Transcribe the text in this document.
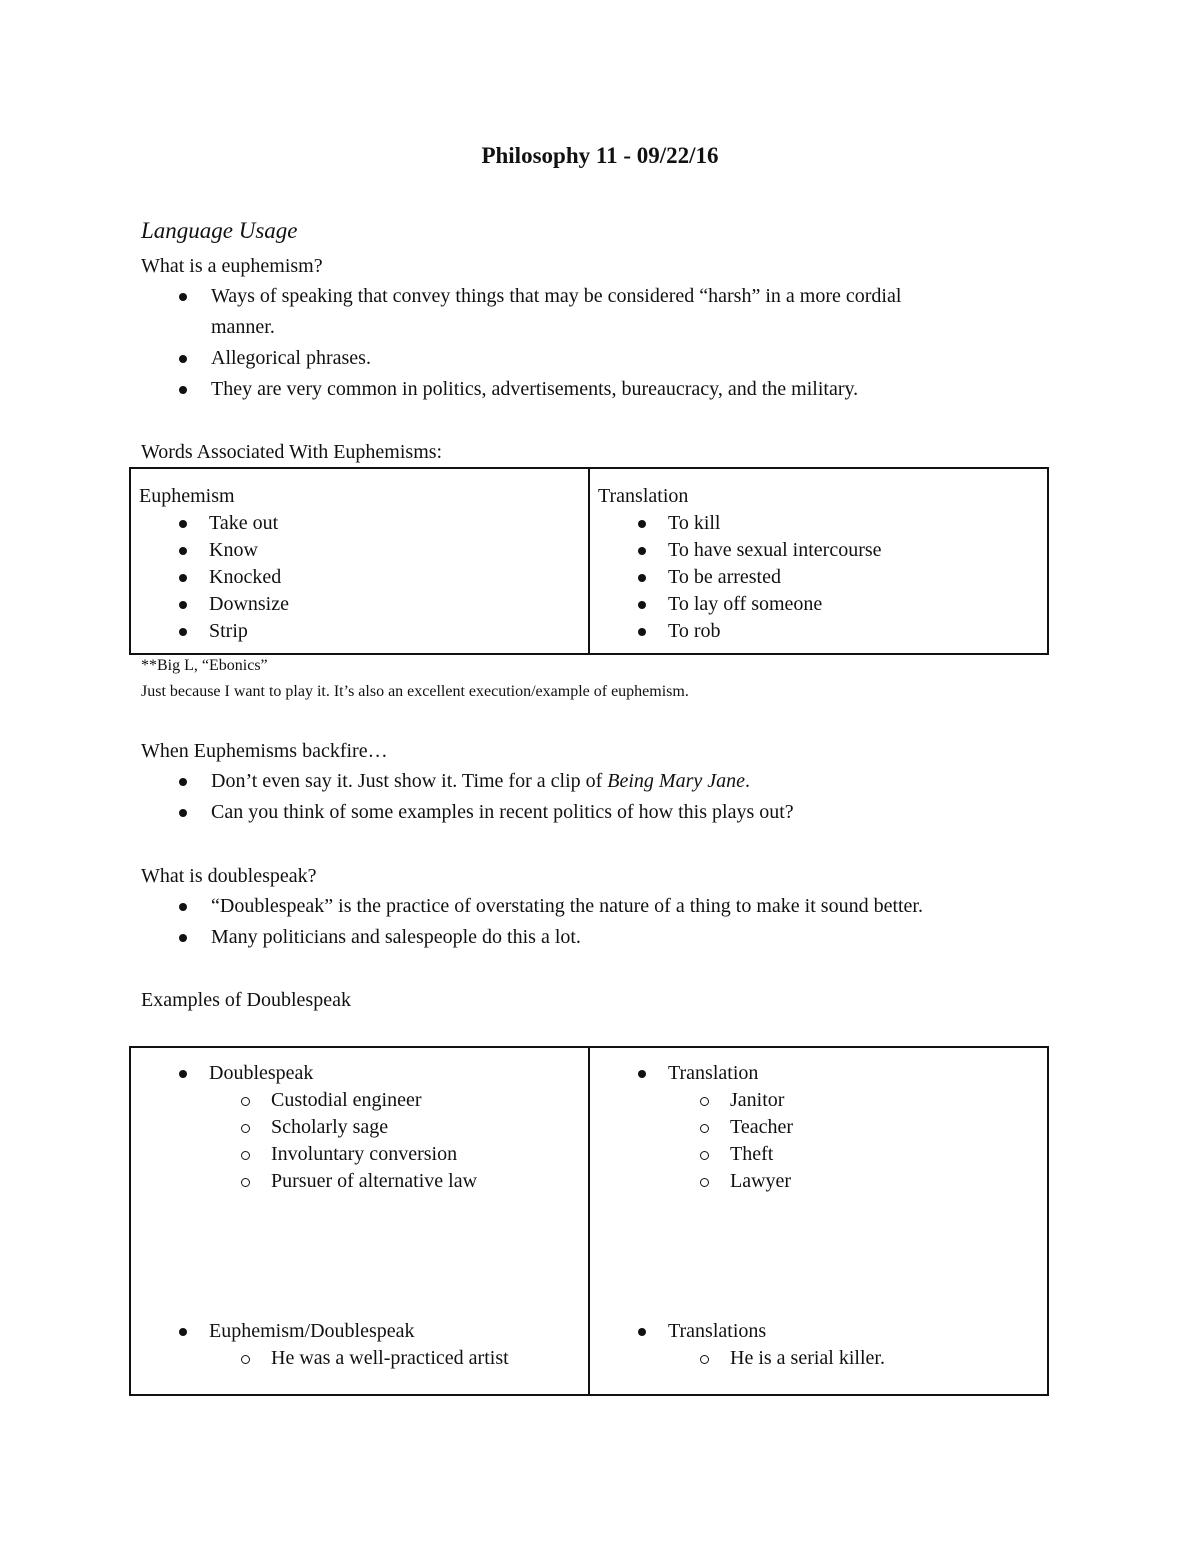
Philosophy 11 - 09/22/16
Language Usage
What is a euphemism?
Ways of speaking that convey things that may be considered “harsh” in a more cordial
manner.
Allegorical phrases.
They are very common in politics, advertisements, bureaucracy, and the military.
Words Associated With Euphemisms:
Euphemism
Take out
Know
Knocked
Downsize
Strip
Translation
To kill
To have sexual intercourse
To be arrested
To lay off someone
To rob
**Big L, “Ebonics”
Just because I want to play it. It’s also an excellent execution/example of euphemism.
When Euphemisms backfire…
Don’t even say it. Just show it. Time for a clip of Being Mary Jane.
Can you think of some examples in recent politics of how this plays out?
What is doublespeak?
“Doublespeak” is the practice of overstating the nature of a thing to make it sound better.
Many politicians and salespeople do this a lot.
Examples of Doublespeak
Doublespeak
Custodial engineer
Scholarly sage
Involuntary conversion
Pursuer of alternative law
Euphemism/Doublespeak
He was a well-practiced artist
Translation
Janitor
Teacher
Theft
Lawyer
Translations
He is a serial killer.
